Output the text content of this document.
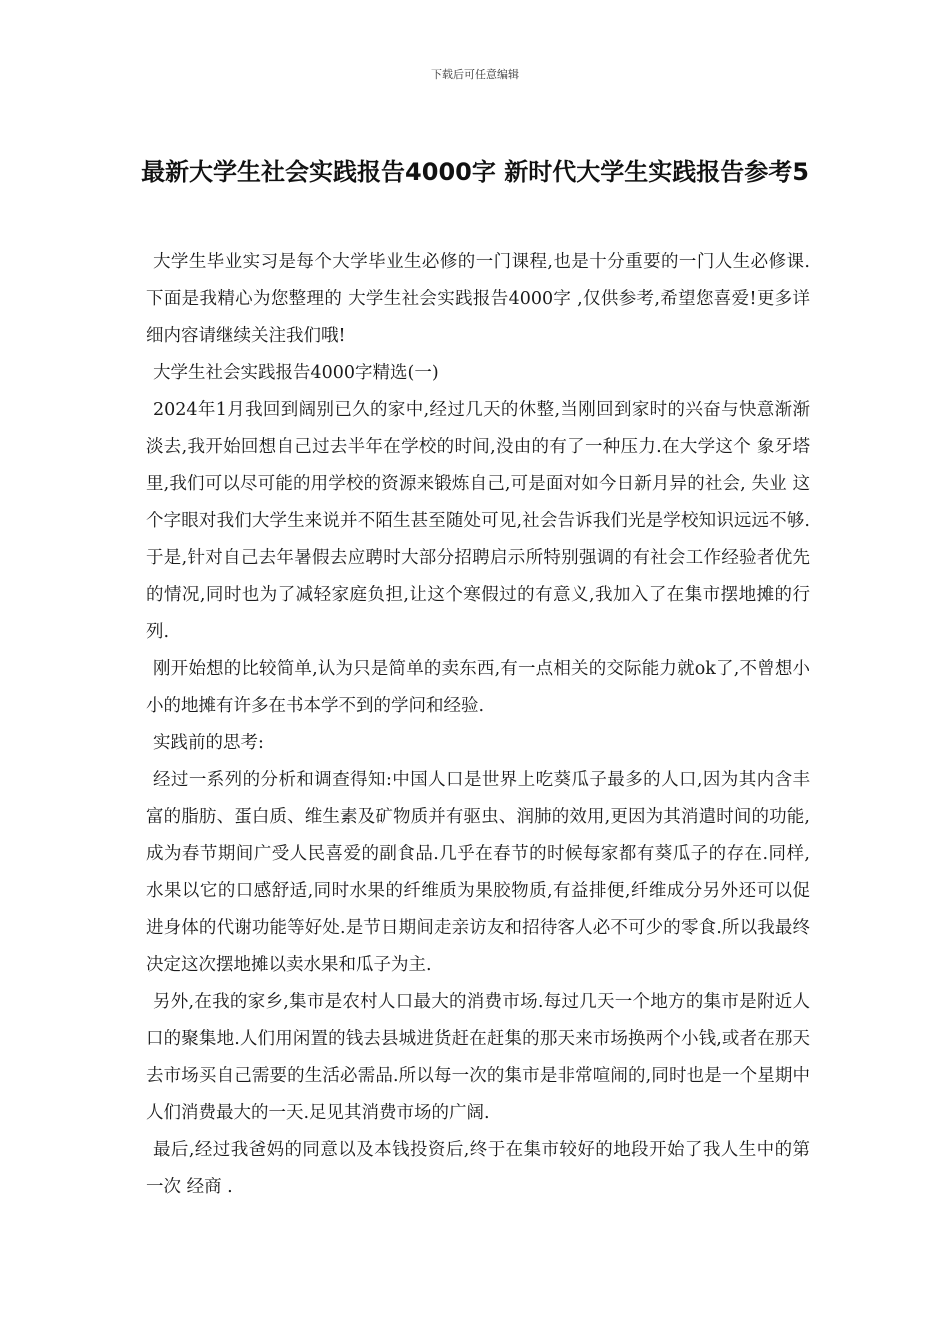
下载后可任意编辑
最新大学生社会实践报告4000字 新时代大学生实践报告参考5

大学生毕业实习是每个大学毕业生必修的一门课程,也是十分重要的一门人生必修课.下面是我精心为您整理的 大学生社会实践报告4000字 ,仅供参考,希望您喜爱!更多详细内容请继续关注我们哦!

大学生社会实践报告4000字精选(一)

2024年1月我回到阔别已久的家中,经过几天的休整,当刚回到家时的兴奋与快意渐渐淡去,我开始回想自己过去半年在学校的时间,没由的有了一种压力.在大学这个 象牙塔 里,我们可以尽可能的用学校的资源来锻炼自己,可是面对如今日新月异的社会, 失业 这个字眼对我们大学生来说并不陌生甚至随处可见,社会告诉我们光是学校知识远远不够.于是,针对自己去年暑假去应聘时大部分招聘启示所特别强调的有社会工作经验者优先的情况,同时也为了减轻家庭负担,让这个寒假过的有意义,我加入了在集市摆地摊的行列.

刚开始想的比较简单,认为只是简单的卖东西,有一点相关的交际能力就ok了,不曾想小小的地摊有许多在书本学不到的学问和经验.

实践前的思考:

经过一系列的分析和调查得知:中国人口是世界上吃葵瓜子最多的人口,因为其内含丰富的脂肪、蛋白质、维生素及矿物质并有驱虫、润肺的效用,更因为其消遣时间的功能,成为春节期间广受人民喜爱的副食品.几乎在春节的时候每家都有葵瓜子的存在.同样,水果以它的口感舒适,同时水果的纤维质为果胶物质,有益排便,纤维成分另外还可以促进身体的代谢功能等好处.是节日期间走亲访友和招待客人必不可少的零食.所以我最终决定这次摆地摊以卖水果和瓜子为主.

另外,在我的家乡,集市是农村人口最大的消费市场.每过几天一个地方的集市是附近人口的聚集地.人们用闲置的钱去县城进货赶在赶集的那天来市场换两个小钱,或者在那天去市场买自己需要的生活必需品.所以每一次的集市是非常喧闹的,同时也是一个星期中人们消费最大的一天.足见其消费市场的广阔.

最后,经过我爸妈的同意以及本钱投资后,终于在集市较好的地段开始了我人生中的第一次 经商 .
